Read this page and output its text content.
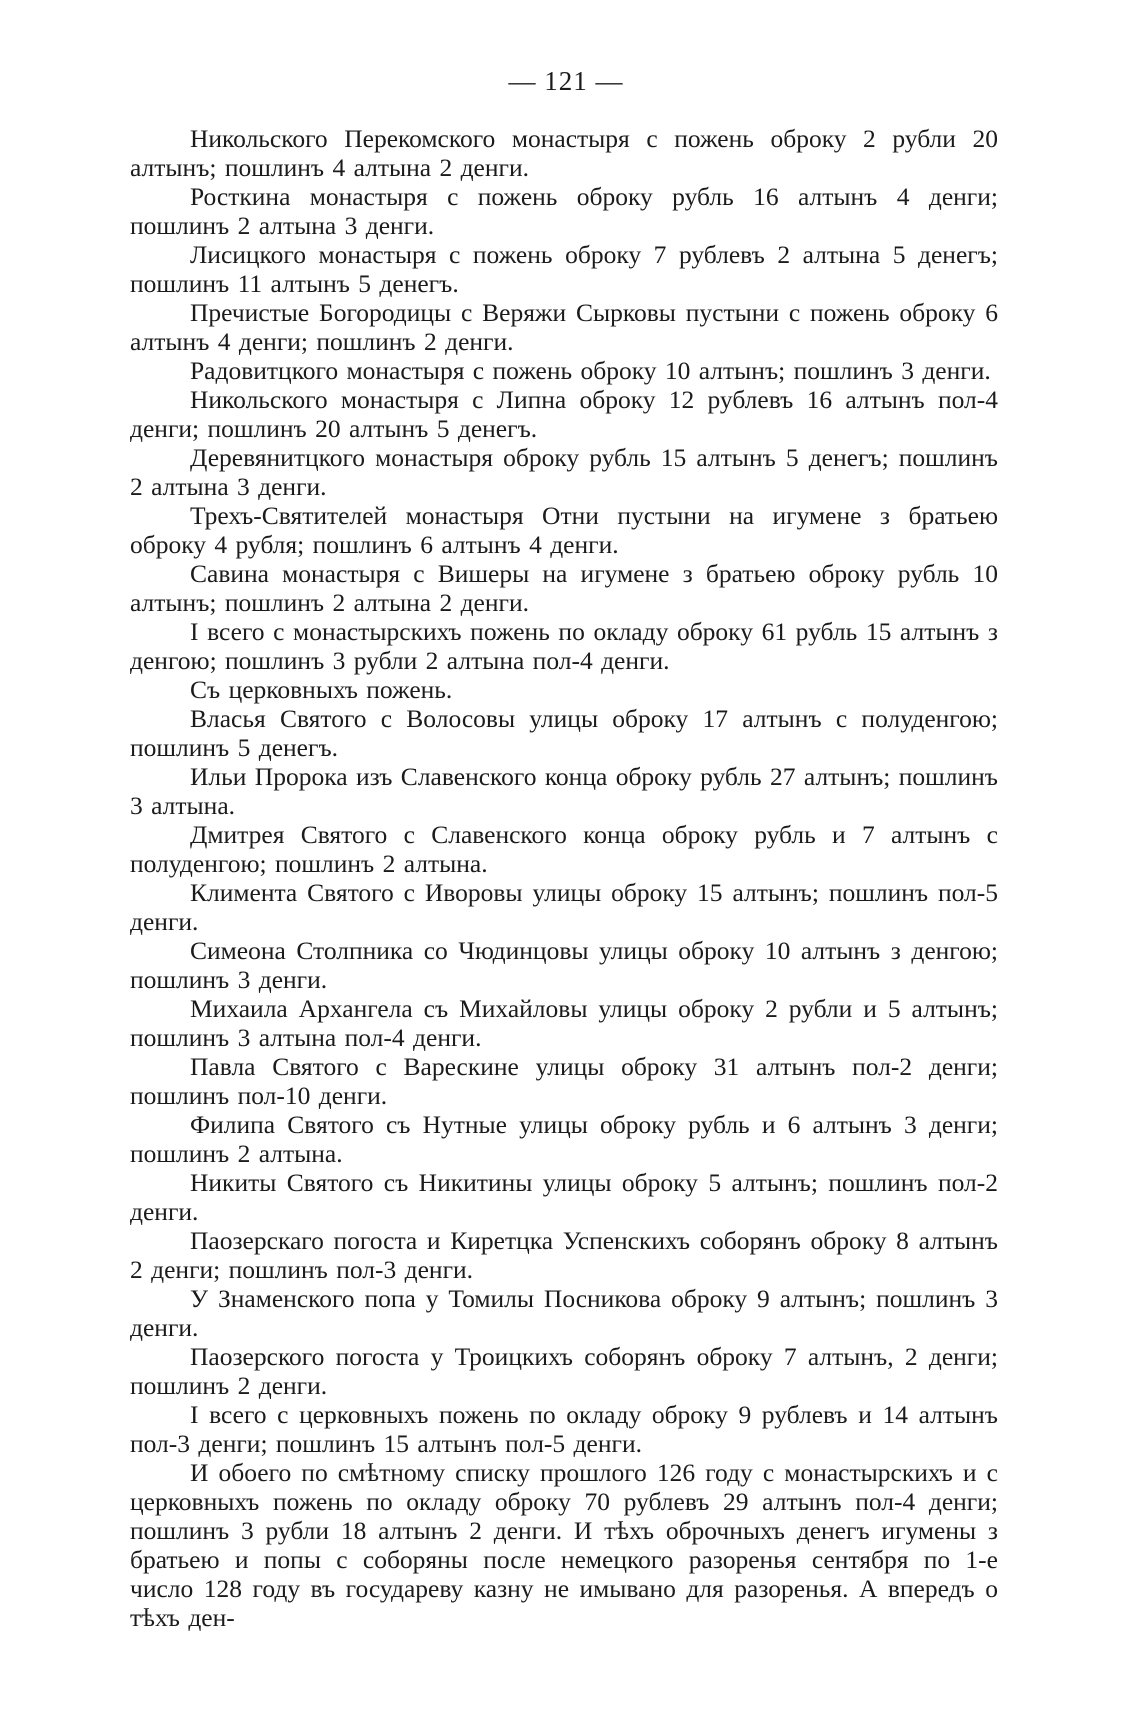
— 121 —

Никольского Перекомского монастыря с пожень оброку 2 рубли 20 алтынъ; пошлинъ 4 алтына 2 денги.

Росткина монастыря с пожень оброку рубль 16 алтынъ 4 денги; пошлинъ 2 алтына 3 денги.

Лисицкого монастыря с пожень оброку 7 рублевъ 2 алтына 5 денегъ; пошлинъ 11 алтынъ 5 денегъ.

Пречистые Богородицы с Веряжи Сырковы пустыни с пожень оброку 6 алтынъ 4 денги; пошлинъ 2 денги.

Радовитцкого монастыря с пожень оброку 10 алтынъ; пошлинъ 3 денги.

Никольского монастыря с Липна оброку 12 рублевъ 16 алтынъ пол-4 денги; пошлинъ 20 алтынъ 5 денегъ.

Деревянитцкого монастыря оброку рубль 15 алтынъ 5 денегъ; пошлинъ 2 алтына 3 денги.

Трехъ-Святителей монастыря Отни пустыни на игумене з братьею оброку 4 рубля; пошлинъ 6 алтынъ 4 денги.

Савина монастыря с Вишеры на игумене з братьею оброку рубль 10 алтынъ; пошлинъ 2 алтына 2 денги.

I всего с монастырскихъ пожень по окладу оброку 61 рубль 15 алтынъ з денгою; пошлинъ 3 рубли 2 алтына пол-4 денги.

Съ церковныхъ пожень.

Власья Святого с Волосовы улицы оброку 17 алтынъ с полуденгою; пошлинъ 5 денегъ.

Ильи Пророка изъ Славенского конца оброку рубль 27 алтынъ; пошлинъ 3 алтына.

Дмитрея Святого с Славенского конца оброку рубль и 7 алтынъ с полуденгою; пошлинъ 2 алтына.

Климента Святого с Иворовы улицы оброку 15 алтынъ; пошлинъ пол-5 денги.

Симеона Столпника со Чюдинцовы улицы оброку 10 алтынъ з денгою; пошлинъ 3 денги.

Михаила Архангела съ Михайловы улицы оброку 2 рубли и 5 алтынъ; пошлинъ 3 алтына пол-4 денги.

Павла Святого с Варескине улицы оброку 31 алтынъ пол-2 денги; пошлинъ пол-10 денги.

Филипа Святого съ Нутные улицы оброку рубль и 6 алтынъ 3 денги; пошлинъ 2 алтына.

Никиты Святого съ Никитины улицы оброку 5 алтынъ; пошлинъ пол-2 денги.

Паозерскаго погоста и Киретцка Успенскихъ соборянъ оброку 8 алтынъ 2 денги; пошлинъ пол-3 денги.

У Знаменского попа у Томилы Посникова оброку 9 алтынъ; пошлинъ 3 денги.

Паозерского погоста у Троицкихъ соборянъ оброку 7 алтынъ, 2 денги; пошлинъ 2 денги.

I всего с церковныхъ пожень по окладу оброку 9 рублевъ и 14 алтынъ пол-3 денги; пошлинъ 15 алтынъ пол-5 денги.

И обоего по смѣтному списку прошлого 126 году с монастырскихъ и с церковныхъ пожень по окладу оброку 70 рублевъ 29 алтынъ пол-4 денги; пошлинъ 3 рубли 18 алтынъ 2 денги. И тѣхъ оброчныхъ денегъ игумены з братьею и попы с соборяны после немецкого разоренья сентября по 1-е число 128 году въ государеву казну не имывано для разоренья. А впередъ о тѣхъ ден-
